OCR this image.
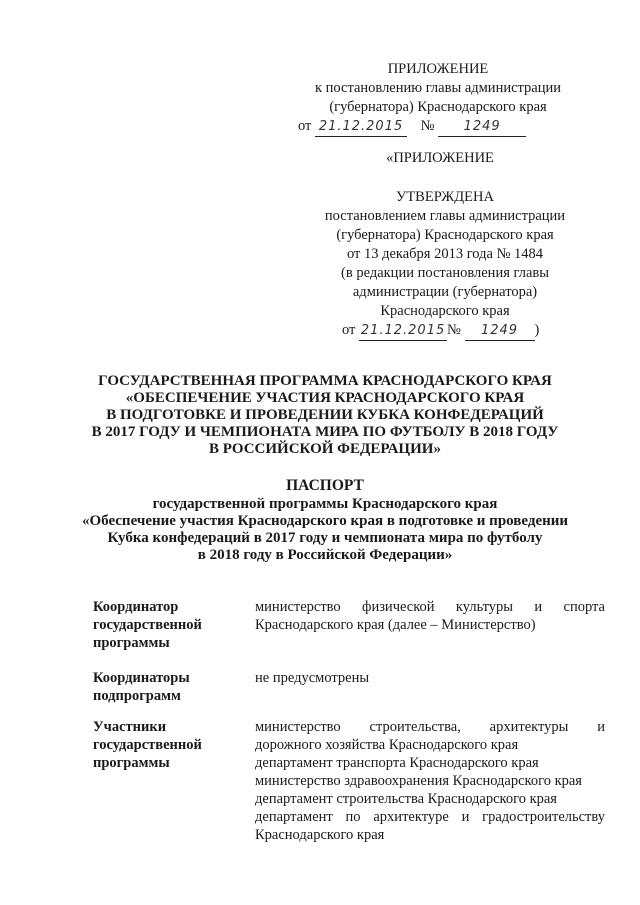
ПРИЛОЖЕНИЕ
к постановлению главы администрации
(губернатора) Краснодарского края
от 21.12.2015 № 1249
«ПРИЛОЖЕНИЕ
УТВЕРЖДЕНА
постановлением главы администрации
(губернатора) Краснодарского края
от 13 декабря 2013 года № 1484
(в редакции постановления главы
администрации (губернатора)
Краснодарского края
от 21.12.2015 № 1249 )
ГОСУДАРСТВЕННАЯ ПРОГРАММА КРАСНОДАРСКОГО КРАЯ
«ОБЕСПЕЧЕНИЕ УЧАСТИЯ КРАСНОДАРСКОГО КРАЯ
В ПОДГОТОВКЕ И ПРОВЕДЕНИИ КУБКА КОНФЕДЕРАЦИЙ
В 2017 ГОДУ И ЧЕМПИОНАТА МИРА ПО ФУТБОЛУ В 2018 ГОДУ
В РОССИЙСКОЙ ФЕДЕРАЦИИ»
ПАСПОРТ
государственной программы Краснодарского края
«Обеспечение участия Краснодарского края в подготовке и проведении
Кубка конфедераций в 2017 году и чемпионата мира по футболу
в 2018 году в Российской Федерации»
Координатор
государственной
программы
министерство физической культуры и спорта
Краснодарского края (далее – Министерство)
Координаторы
подпрограмм
не предусмотрены
Участники
государственной
программы
министерство строительства, архитектуры и
дорожного хозяйства Краснодарского края
департамент транспорта Краснодарского края
министерство здравоохранения Краснодарского края
департамент строительства Краснодарского края
департамент по архитектуре и градостроительству
Краснодарского края
